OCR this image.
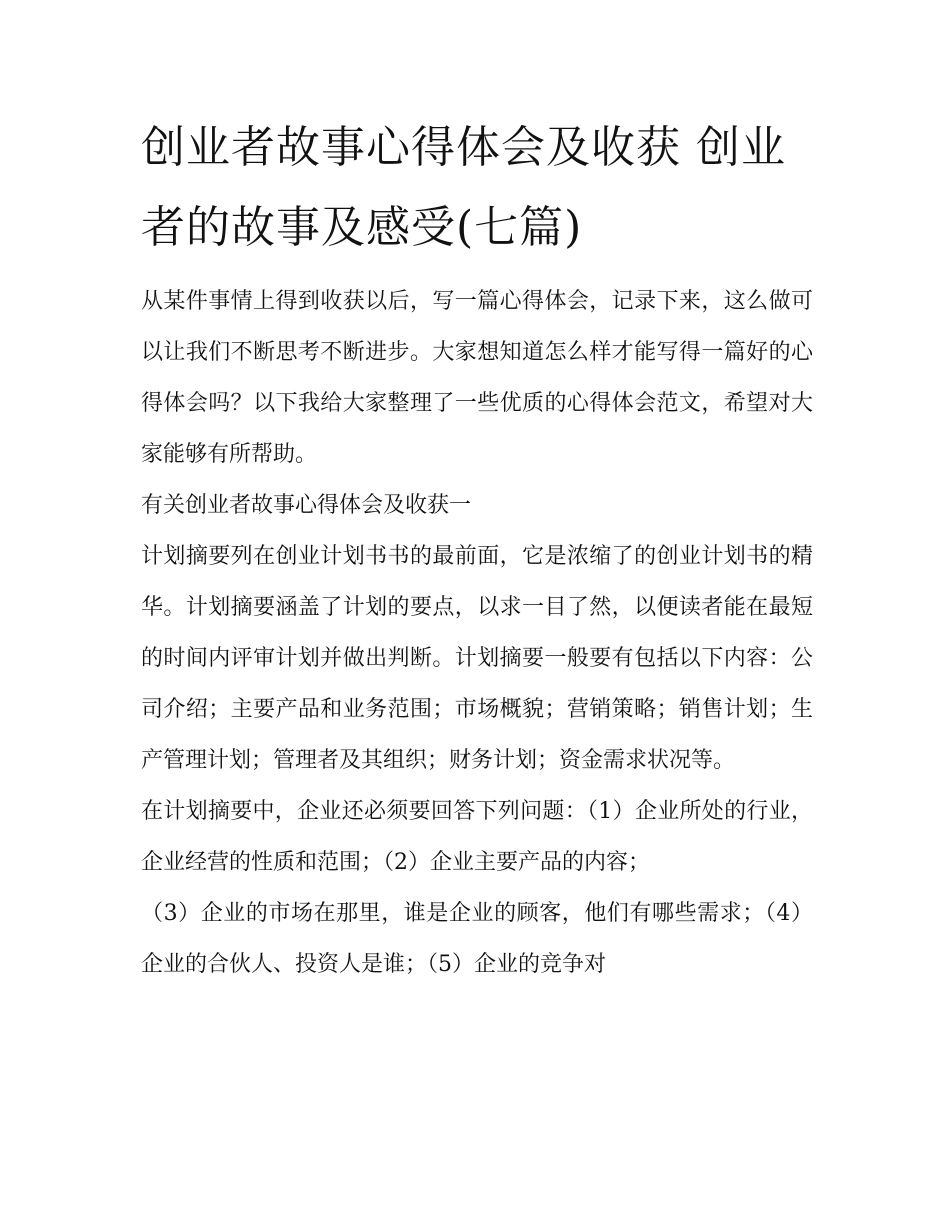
创业者故事心得体会及收获 创业者的故事及感受(七篇)

从某件事情上得到收获以后，写一篇心得体会，记录下来，这么做可以让我们不断思考不断进步。大家想知道怎么样才能写得一篇好的心得体会吗？以下我给大家整理了一些优质的心得体会范文，希望对大家能够有所帮助。

有关创业者故事心得体会及收获一

计划摘要列在创业计划书书的最前面，它是浓缩了的创业计划书的精华。计划摘要涵盖了计划的要点，以求一目了然，以便读者能在最短的时间内评审计划并做出判断。计划摘要一般要有包括以下内容：公司介绍；主要产品和业务范围；市场概貌；营销策略；销售计划；生产管理计划；管理者及其组织；财务计划；资金需求状况等。

在计划摘要中，企业还必须要回答下列问题：（1）企业所处的行业，企业经营的性质和范围；（2）企业主要产品的内容；

（3）企业的市场在那里，谁是企业的顾客，他们有哪些需求；（4）企业的合伙人、投资人是谁；（5）企业的竞争对
